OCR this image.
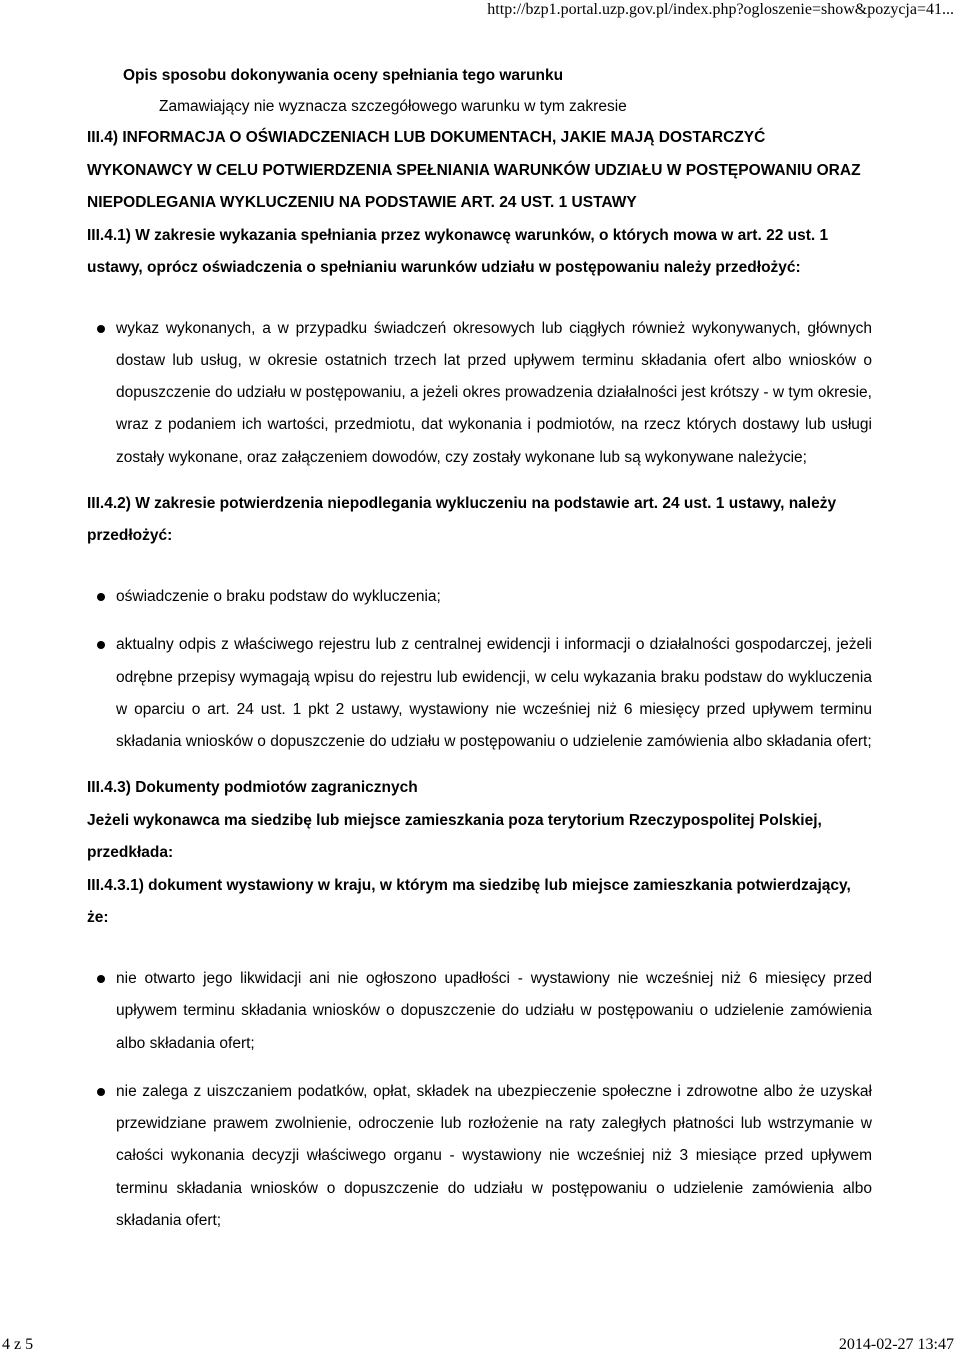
http://bzp1.portal.uzp.gov.pl/index.php?ogloszenie=show&pozycja=41...

Opis sposobu dokonywania oceny spełniania tego warunku

Zamawiający nie wyznacza szczegółowego warunku w tym zakresie

III.4) INFORMACJA O OŚWIADCZENIACH LUB DOKUMENTACH, JAKIE MAJĄ DOSTARCZYĆ WYKONAWCY W CELU POTWIERDZENIA SPEŁNIANIA WARUNKÓW UDZIAŁU W POSTĘPOWANIU ORAZ NIEPODLEGANIA WYKLUCZENIU NA PODSTAWIE ART. 24 UST. 1 USTAWY

III.4.1) W zakresie wykazania spełniania przez wykonawcę warunków, o których mowa w art. 22 ust. 1 ustawy, oprócz oświadczenia o spełnianiu warunków udziału w postępowaniu należy przedłożyć:

wykaz wykonanych, a w przypadku świadczeń okresowych lub ciągłych również wykonywanych, głównych dostaw lub usług, w okresie ostatnich trzech lat przed upływem terminu składania ofert albo wniosków o dopuszczenie do udziału w postępowaniu, a jeżeli okres prowadzenia działalności jest krótszy - w tym okresie, wraz z podaniem ich wartości, przedmiotu, dat wykonania i podmiotów, na rzecz których dostawy lub usługi zostały wykonane, oraz załączeniem dowodów, czy zostały wykonane lub są wykonywane należycie;

III.4.2) W zakresie potwierdzenia niepodlegania wykluczeniu na podstawie art. 24 ust. 1 ustawy, należy przedłożyć:

oświadczenie o braku podstaw do wykluczenia;
aktualny odpis z właściwego rejestru lub z centralnej ewidencji i informacji o działalności gospodarczej, jeżeli odrębne przepisy wymagają wpisu do rejestru lub ewidencji, w celu wykazania braku podstaw do wykluczenia w oparciu o art. 24 ust. 1 pkt 2 ustawy, wystawiony nie wcześniej niż 6 miesięcy przed upływem terminu składania wniosków o dopuszczenie do udziału w postępowaniu o udzielenie zamówienia albo składania ofert;

III.4.3) Dokumenty podmiotów zagranicznych

Jeżeli wykonawca ma siedzibę lub miejsce zamieszkania poza terytorium Rzeczypospolitej Polskiej, przedkłada:

III.4.3.1) dokument wystawiony w kraju, w którym ma siedzibę lub miejsce zamieszkania potwierdzający, że:

nie otwarto jego likwidacji ani nie ogłoszono upadłości - wystawiony nie wcześniej niż 6 miesięcy przed upływem terminu składania wniosków o dopuszczenie do udziału w postępowaniu o udzielenie zamówienia albo składania ofert;
nie zalega z uiszczaniem podatków, opłat, składek na ubezpieczenie społeczne i zdrowotne albo że uzyskał przewidziane prawem zwolnienie, odroczenie lub rozłożenie na raty zaległych płatności lub wstrzymanie w całości wykonania decyzji właściwego organu - wystawiony nie wcześniej niż 3 miesiące przed upływem terminu składania wniosków o dopuszczenie do udziału w postępowaniu o udzielenie zamówienia albo składania ofert;
4 z 5	2014-02-27 13:47
